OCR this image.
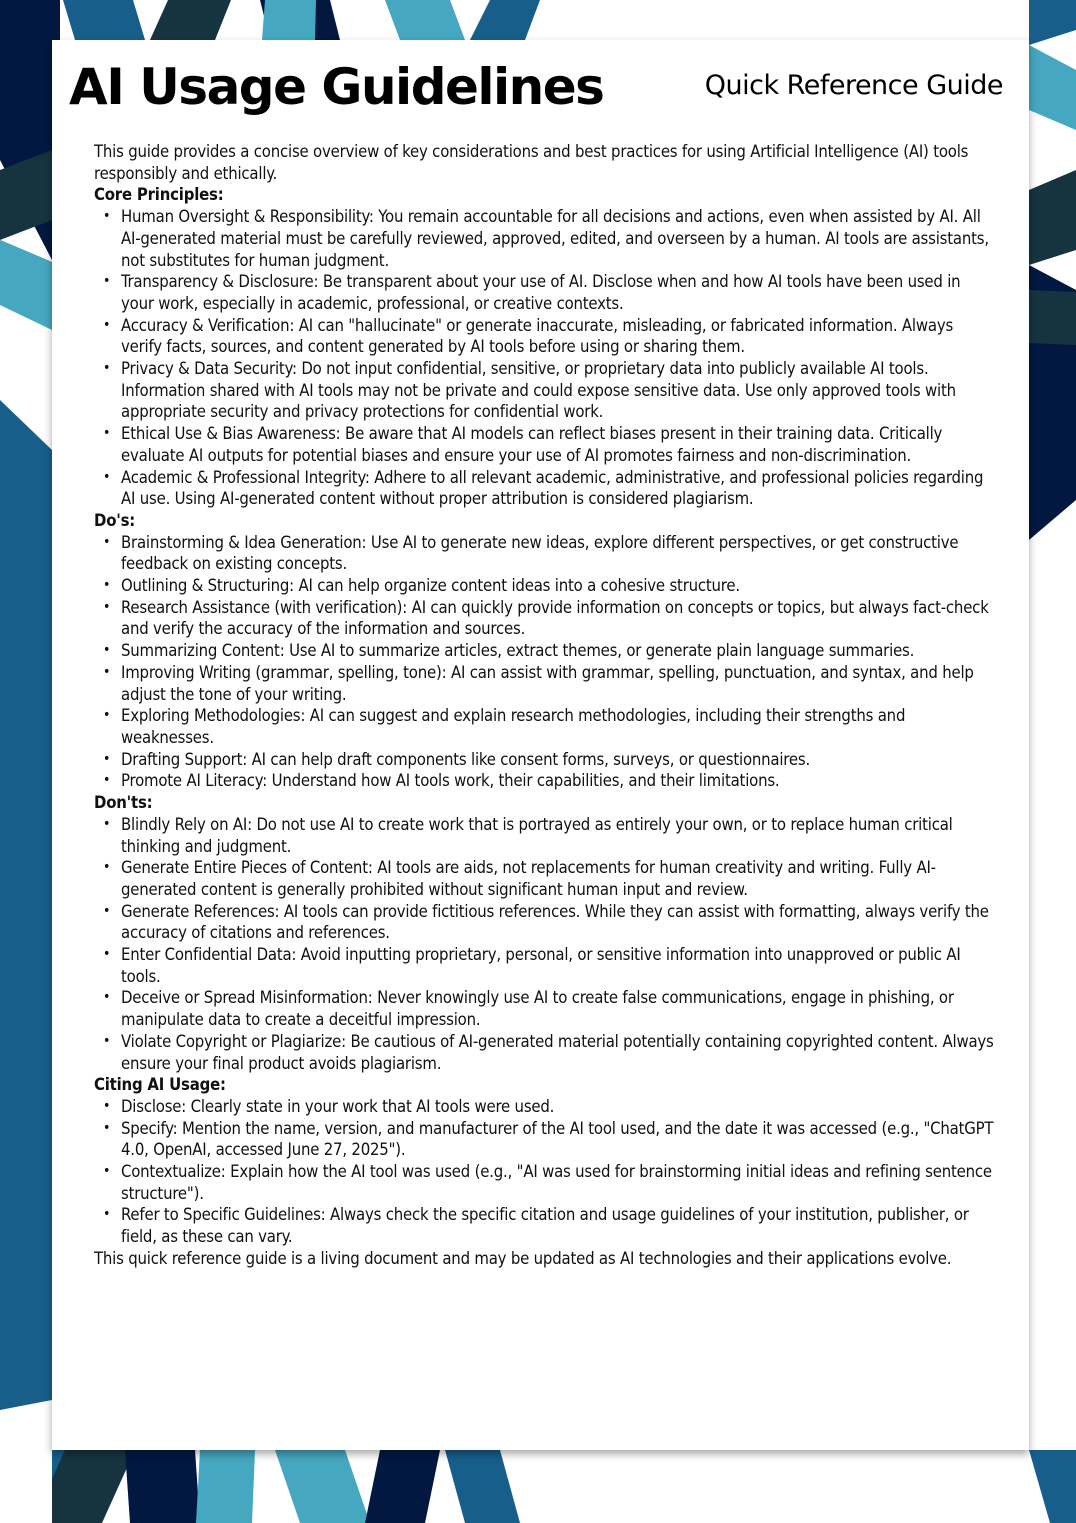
AI Usage Guidelines	Quick Reference Guide

This guide provides a concise overview of key considerations and best practices for using Artificial Intelligence (AI) tools responsibly and ethically.

Core Principles:
• Human Oversight & Responsibility: You remain accountable for all decisions and actions, even when assisted by AI. All AI-generated material must be carefully reviewed, approved, edited, and overseen by a human. AI tools are assistants, not substitutes for human judgment.
• Transparency & Disclosure: Be transparent about your use of AI. Disclose when and how AI tools have been used in your work, especially in academic, professional, or creative contexts.
• Accuracy & Verification: AI can "hallucinate" or generate inaccurate, misleading, or fabricated information. Always verify facts, sources, and content generated by AI tools before using or sharing them.
• Privacy & Data Security: Do not input confidential, sensitive, or proprietary data into publicly available AI tools. Information shared with AI tools may not be private and could expose sensitive data. Use only approved tools with appropriate security and privacy protections for confidential work.
• Ethical Use & Bias Awareness: Be aware that AI models can reflect biases present in their training data. Critically evaluate AI outputs for potential biases and ensure your use of AI promotes fairness and non-discrimination.
• Academic & Professional Integrity: Adhere to all relevant academic, administrative, and professional policies regarding AI use. Using AI-generated content without proper attribution is considered plagiarism.
Do's:
• Brainstorming & Idea Generation: Use AI to generate new ideas, explore different perspectives, or get constructive feedback on existing concepts.
• Outlining & Structuring: AI can help organize content ideas into a cohesive structure.
• Research Assistance (with verification): AI can quickly provide information on concepts or topics, but always fact-check and verify the accuracy of the information and sources.
• Summarizing Content: Use AI to summarize articles, extract themes, or generate plain language summaries.
• Improving Writing (grammar, spelling, tone): AI can assist with grammar, spelling, punctuation, and syntax, and help adjust the tone of your writing.
• Exploring Methodologies: AI can suggest and explain research methodologies, including their strengths and weaknesses.
• Drafting Support: AI can help draft components like consent forms, surveys, or questionnaires.
• Promote AI Literacy: Understand how AI tools work, their capabilities, and their limitations.
Don'ts:
• Blindly Rely on AI: Do not use AI to create work that is portrayed as entirely your own, or to replace human critical thinking and judgment.
• Generate Entire Pieces of Content: AI tools are aids, not replacements for human creativity and writing. Fully AI-generated content is generally prohibited without significant human input and review.
• Generate References: AI tools can provide fictitious references. While they can assist with formatting, always verify the accuracy of citations and references.
• Enter Confidential Data: Avoid inputting proprietary, personal, or sensitive information into unapproved or public AI tools.
• Deceive or Spread Misinformation: Never knowingly use AI to create false communications, engage in phishing, or manipulate data to create a deceitful impression.
• Violate Copyright or Plagiarize: Be cautious of AI-generated material potentially containing copyrighted content. Always ensure your final product avoids plagiarism.
Citing AI Usage:
• Disclose: Clearly state in your work that AI tools were used.
• Specify: Mention the name, version, and manufacturer of the AI tool used, and the date it was accessed (e.g., "ChatGPT 4.0, OpenAI, accessed June 27, 2025").
• Contextualize: Explain how the AI tool was used (e.g., "AI was used for brainstorming initial ideas and refining sentence structure").
• Refer to Specific Guidelines: Always check the specific citation and usage guidelines of your institution, publisher, or field, as these can vary.

This quick reference guide is a living document and may be updated as AI technologies and their applications evolve.
